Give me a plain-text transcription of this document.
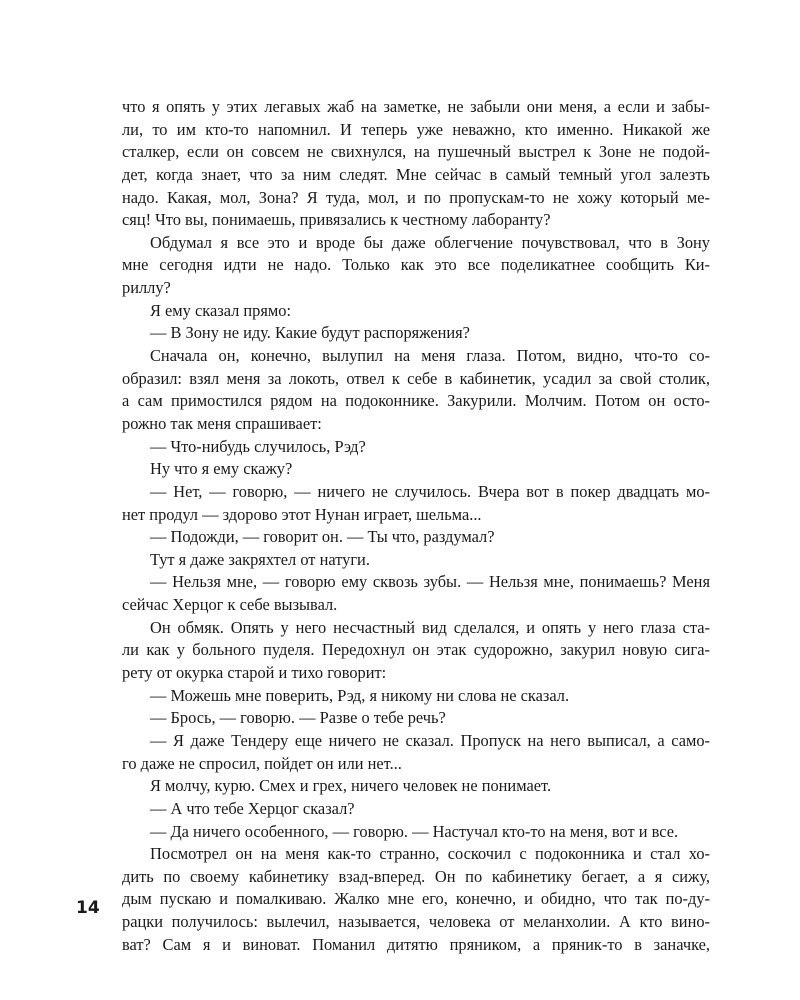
что я опять у этих легавых жаб на заметке, не забыли они меня, а если и забы-
ли, то им кто-то напомнил. И теперь уже неважно, кто именно. Никакой же
сталкер, если он совсем не свихнулся, на пушечный выстрел к Зоне не подой-
дет, когда знает, что за ним следят. Мне сейчас в самый темный угол залезть
надо. Какая, мол, Зона? Я туда, мол, и по пропускам-то не хожу который ме-
сяц! Что вы, понимаешь, привязались к честному лаборанту?
Обдумал я все это и вроде бы даже облегчение почувствовал, что в Зону
мне сегодня идти не надо. Только как это все поделикатнее сообщить Ки-
риллу?
Я ему сказал прямо:
— В Зону не иду. Какие будут распоряжения?
Сначала он, конечно, вылупил на меня глаза. Потом, видно, что-то со-
образил: взял меня за локоть, отвел к себе в кабинетик, усадил за свой столик,
а сам примостился рядом на подоконнике. Закурили. Молчим. Потом он осто-
рожно так меня спрашивает:
— Что-нибудь случилось, Рэд?
Ну что я ему скажу?
— Нет, — говорю, — ничего не случилось. Вчера вот в покер двадцать мо-
нет продул — здорово этот Нунан играет, шельма...
— Подожди, — говорит он. — Ты что, раздумал?
Тут я даже закряхтел от натуги.
— Нельзя мне, — говорю ему сквозь зубы. — Нельзя мне, понимаешь? Меня
сейчас Херцог к себе вызывал.
Он обмяк. Опять у него несчастный вид сделался, и опять у него глаза ста-
ли как у больного пуделя. Передохнул он этак судорожно, закурил новую сига-
рету от окурка старой и тихо говорит:
— Можешь мне поверить, Рэд, я никому ни слова не сказал.
— Брось, — говорю. — Разве о тебе речь?
— Я даже Тендеру еще ничего не сказал. Пропуск на него выписал, а само-
го даже не спросил, пойдет он или нет...
Я молчу, курю. Смех и грех, ничего человек не понимает.
— А что тебе Херцог сказал?
— Да ничего особенного, — говорю. — Настучал кто-то на меня, вот и все.
Посмотрел он на меня как-то странно, соскочил с подоконника и стал хо-
дить по своему кабинетику взад-вперед. Он по кабинетику бегает, а я сижу,
дым пускаю и помалкиваю. Жалко мне его, конечно, и обидно, что так по-ду-
рацки получилось: вылечил, называется, человека от меланхолии. А кто вино-
ват? Сам я и виноват. Поманил дитятю пряником, а пряник-то в заначке,
14
